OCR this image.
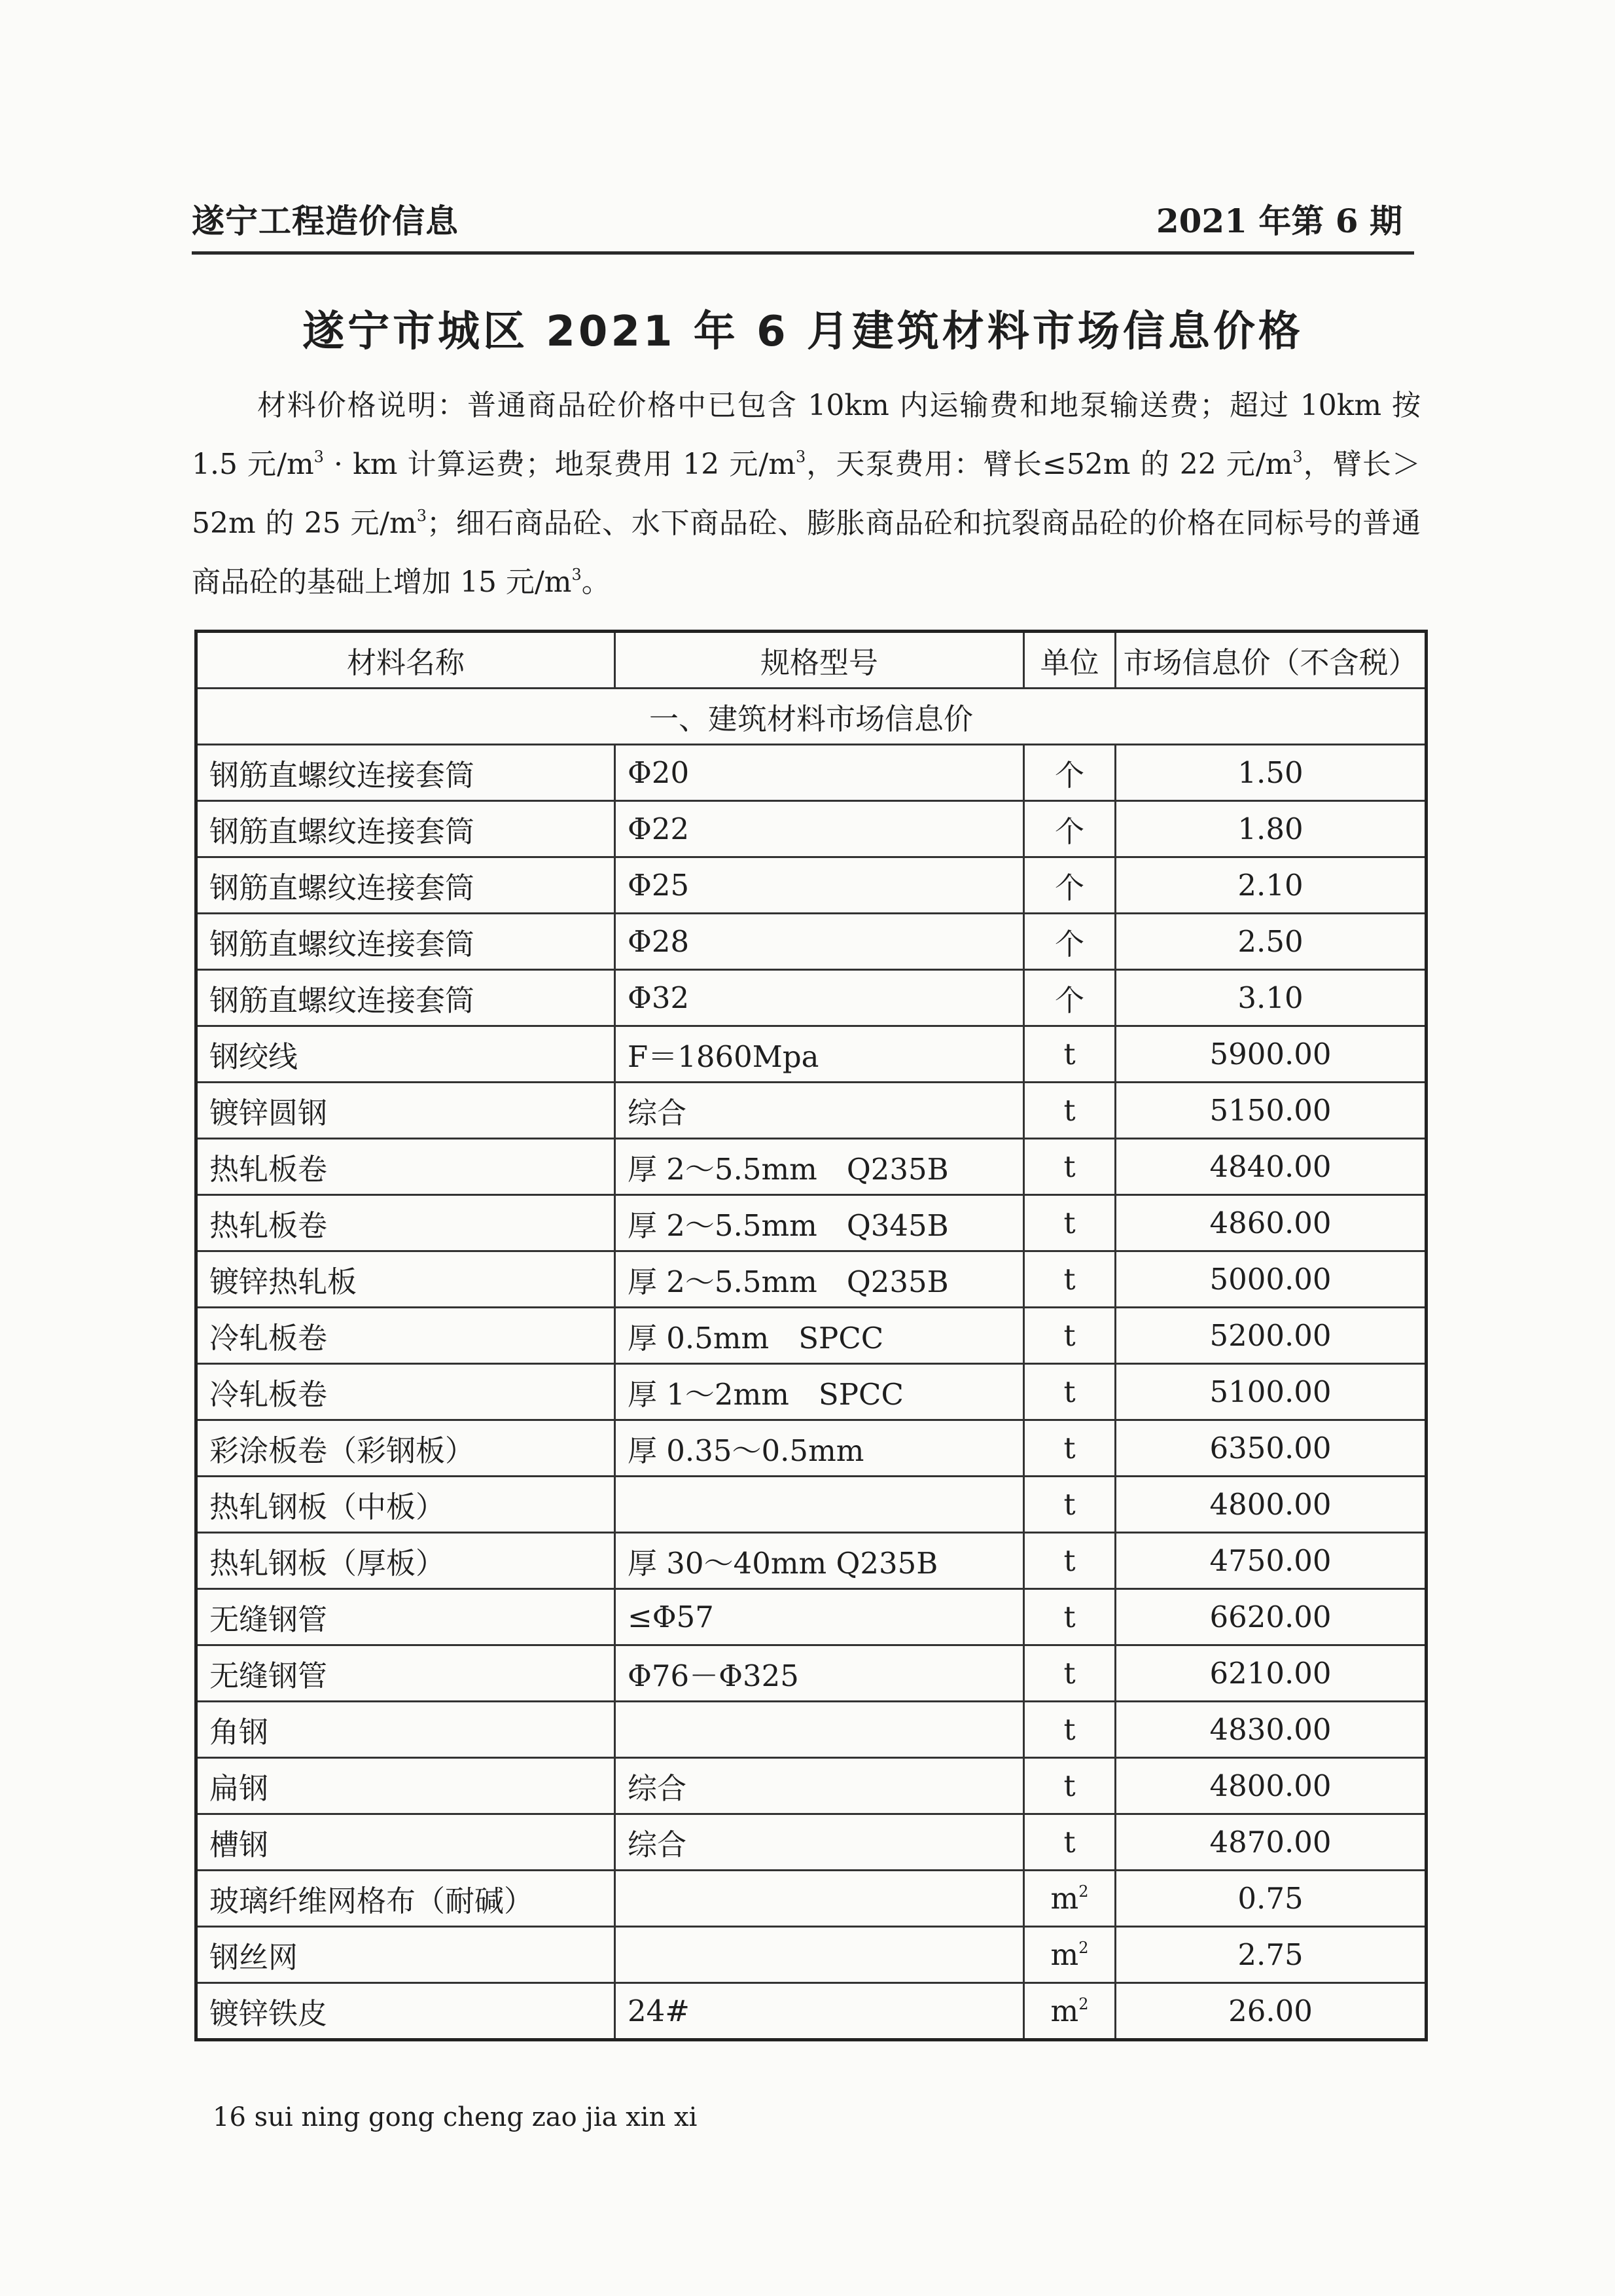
遂宁工程造价信息	2021 年第 6 期
遂宁市城区 2021 年 6 月建筑材料市场信息价格
材料价格说明：普通商品砼价格中已包含 10km 内运输费和地泵输送费；超过 10km 按 1.5 元$/m^3$ · km 计算运费；地泵费用 12 元$/m^3$，天泵费用：臂长≤52m 的 22 元$/m^3$，臂长＞52m 的 25 元$/m^3$；细石商品砼、水下商品砼、膨胀商品砼和抗裂商品砼的价格在同标号的普通商品砼的基础上增加 15 元$/m^3$。
材料名称	规格型号	单位	市场信息价（不含税）
一、建筑材料市场信息价			
钢筋直螺纹连接套筒	Φ20	个	1.50
钢筋直螺纹连接套筒	Φ22	个	1.80
钢筋直螺纹连接套筒	Φ25	个	2.10
钢筋直螺纹连接套筒	Φ28	个	2.50
钢筋直螺纹连接套筒	Φ32	个	3.10
钢绞线	F＝1860Mpa	t	5900.00
镀锌圆钢	综合	t	5150.00
热轧板卷	厚 2～5.5mm　Q235B	t	4840.00
热轧板卷	厚 2～5.5mm　Q345B	t	4860.00
镀锌热轧板	厚 2～5.5mm　Q235B	t	5000.00
冷轧板卷	厚 0.5mm　SPCC	t	5200.00
冷轧板卷	厚 1～2mm　SPCC	t	5100.00
彩涂板卷（彩钢板）	厚 0.35～0.5mm	t	6350.00
热轧钢板（中板）		t	4800.00
热轧钢板（厚板）	厚 30～40mm Q235B	t	4750.00
无缝钢管	≤Φ57	t	6620.00
无缝钢管	Φ76－Φ325	t	6210.00
角钢		t	4830.00
扁钢	综合	t	4800.00
槽钢	综合	t	4870.00
玻璃纤维网格布（耐碱）		$m^2$	0.75
钢丝网		$m^2$	2.75
镀锌铁皮	24#	$m^2$	26.00
16 sui ning gong cheng zao jia xin xi
